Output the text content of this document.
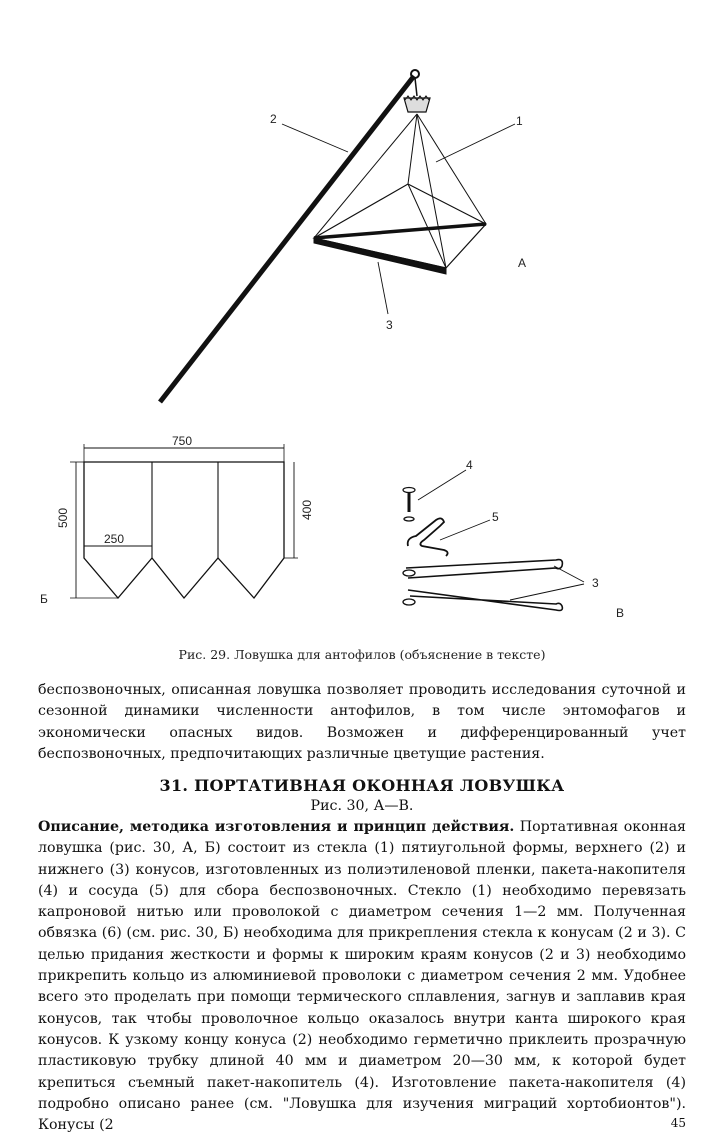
2	1
3
А
750
500	400
250
Б
4
5
3
В
Рис. 29. Ловушка для антофилов (объяснение в тексте)
беспозвоночных, описанная ловушка позволяет проводить исследования суточной и сезонной динамики численности антофилов, в том числе энтомофагов и экономически опасных видов. Возможен и дифференцированный учет беспозвоночных, предпочитающих различные цветущие растения.
31. ПОРТАТИВНАЯ ОКОННАЯ ЛОВУШКА
Рис. 30, А—В.
Описание, методика изготовления и принцип действия. Портативная оконная ловушка (рис. 30, А, Б) состоит из стекла (1) пятиугольной формы, верхнего (2) и нижнего (3) конусов, изготовленных из полиэтиленовой пленки, пакета-накопителя (4) и сосуда (5) для сбора беспозвоночных. Стекло (1) необходимо перевязать капроновой нитью или проволокой с диаметром сечения 1—2 мм. Полученная обвязка (6) (см. рис. 30, Б) необходима для прикрепления стекла к конусам (2 и 3). С целью придания жесткости и формы к широким краям конусов (2 и 3) необходимо прикрепить кольцо из алюминиевой проволоки с диаметром сечения 2 мм. Удобнее всего это проделать при помощи термического сплавления, загнув и заплавив края конусов, так чтобы проволочное кольцо оказалось внутри канта широкого края конусов. К узкому концу конуса (2) необходимо герметично приклеить прозрачную пластиковую трубку длиной 40 мм и диаметром 20—30 мм, к которой будет крепиться съемный пакет-накопитель (4). Изготовление пакета-накопителя (4) подробно описано ранее (см. "Ловушка для изучения миграций хортобионтов"). Конусы (2	45
